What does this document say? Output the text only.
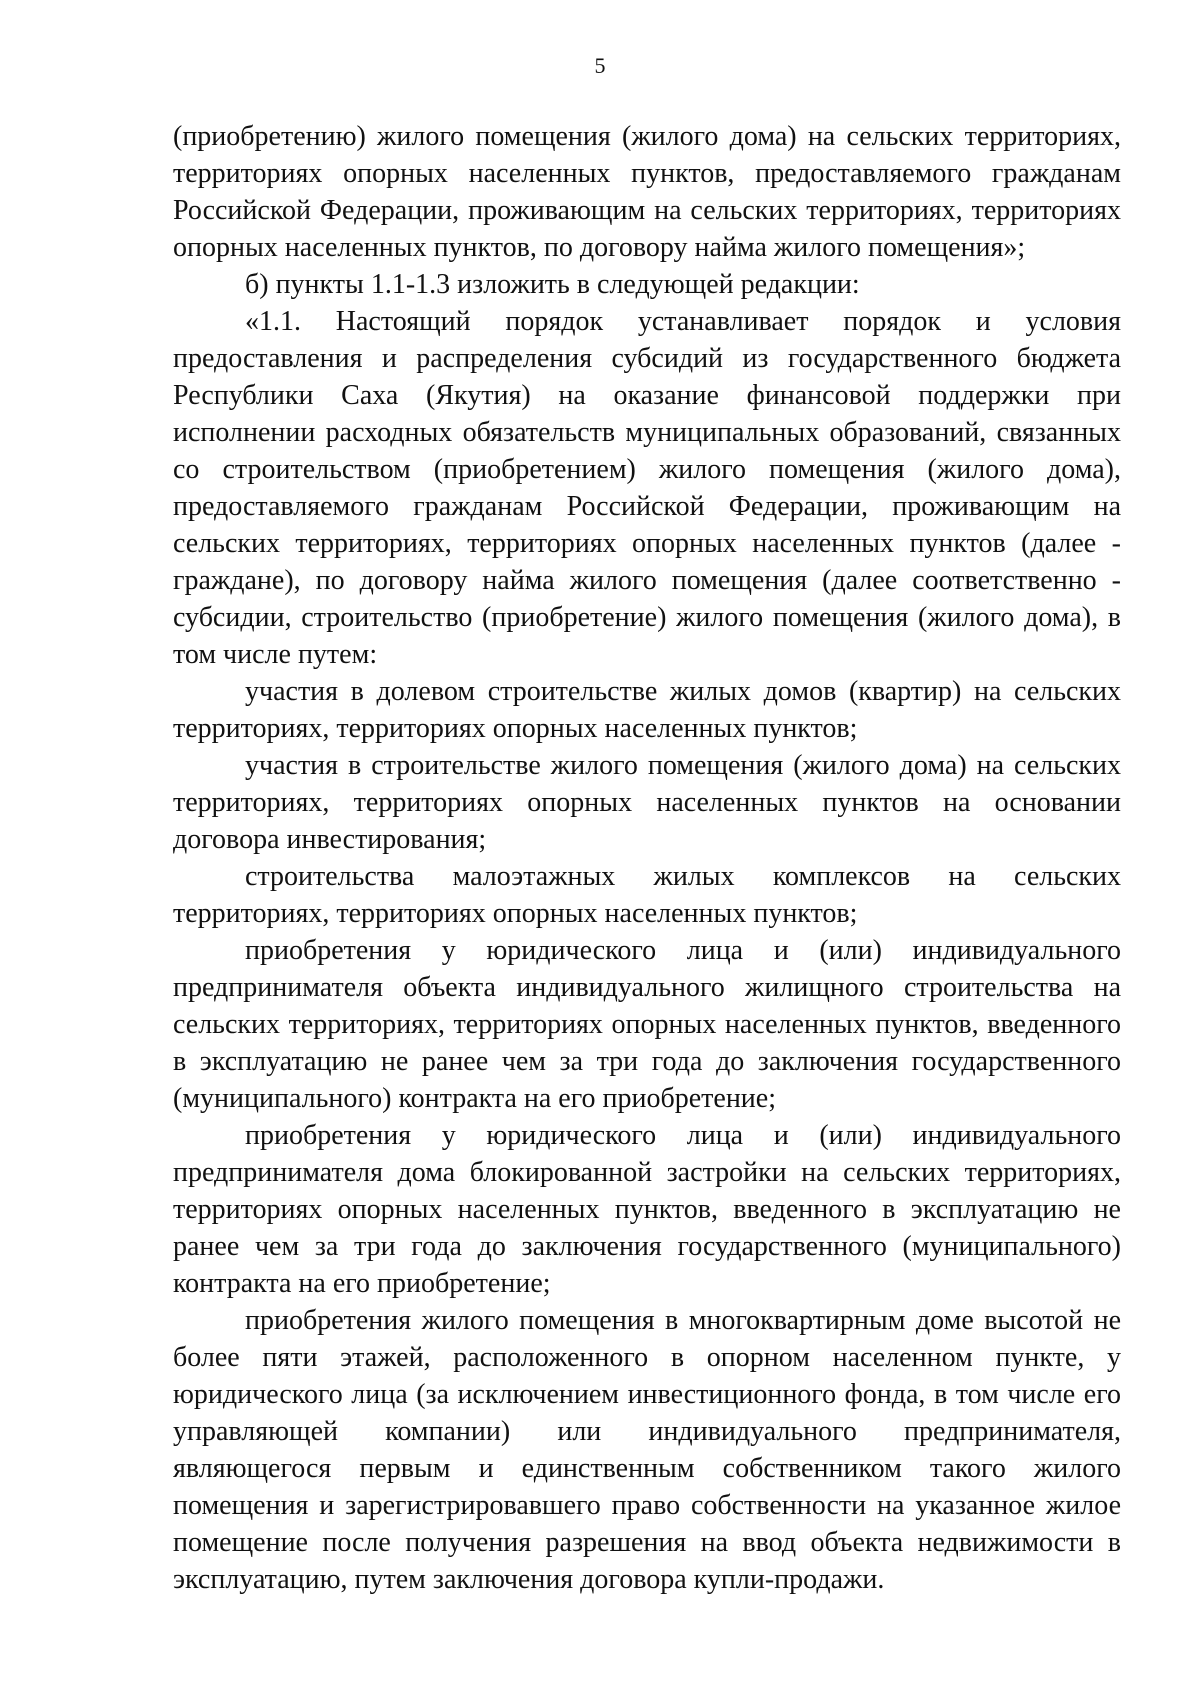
5

(приобретению) жилого помещения (жилого дома) на сельских территориях, территориях опорных населенных пунктов, предоставляемого гражданам Российской Федерации, проживающим на сельских территориях, территориях опорных населенных пунктов, по договору найма жилого помещения»;

б) пункты 1.1-1.3 изложить в следующей редакции:

«1.1. Настоящий порядок устанавливает порядок и условия предоставления и распределения субсидий из государственного бюджета Республики Саха (Якутия) на оказание финансовой поддержки при исполнении расходных обязательств муниципальных образований, связанных со строительством (приобретением) жилого помещения (жилого дома), предоставляемого гражданам Российской Федерации, проживающим на сельских территориях, территориях опорных населенных пунктов (далее - граждане), по договору найма жилого помещения (далее соответственно - субсидии, строительство (приобретение) жилого помещения (жилого дома), в том числе путем:

участия в долевом строительстве жилых домов (квартир) на сельских территориях, территориях опорных населенных пунктов;

участия в строительстве жилого помещения (жилого дома) на сельских территориях, территориях опорных населенных пунктов на основании договора инвестирования;

строительства малоэтажных жилых комплексов на сельских территориях, территориях опорных населенных пунктов;

приобретения у юридического лица и (или) индивидуального предпринимателя объекта индивидуального жилищного строительства на сельских территориях, территориях опорных населенных пунктов, введенного в эксплуатацию не ранее чем за три года до заключения государственного (муниципального) контракта на его приобретение;

приобретения у юридического лица и (или) индивидуального предпринимателя дома блокированной застройки на сельских территориях, территориях опорных населенных пунктов, введенного в эксплуатацию не ранее чем за три года до заключения государственного (муниципального) контракта на его приобретение;

приобретения жилого помещения в многоквартирным доме высотой не более пяти этажей, расположенного в опорном населенном пункте, у юридического лица (за исключением инвестиционного фонда, в том числе его управляющей компании) или индивидуального предпринимателя, являющегося первым и единственным собственником такого жилого помещения и зарегистрировавшего право собственности на указанное жилое помещение после получения разрешения на ввод объекта недвижимости в эксплуатацию, путем заключения договора купли-продажи.
